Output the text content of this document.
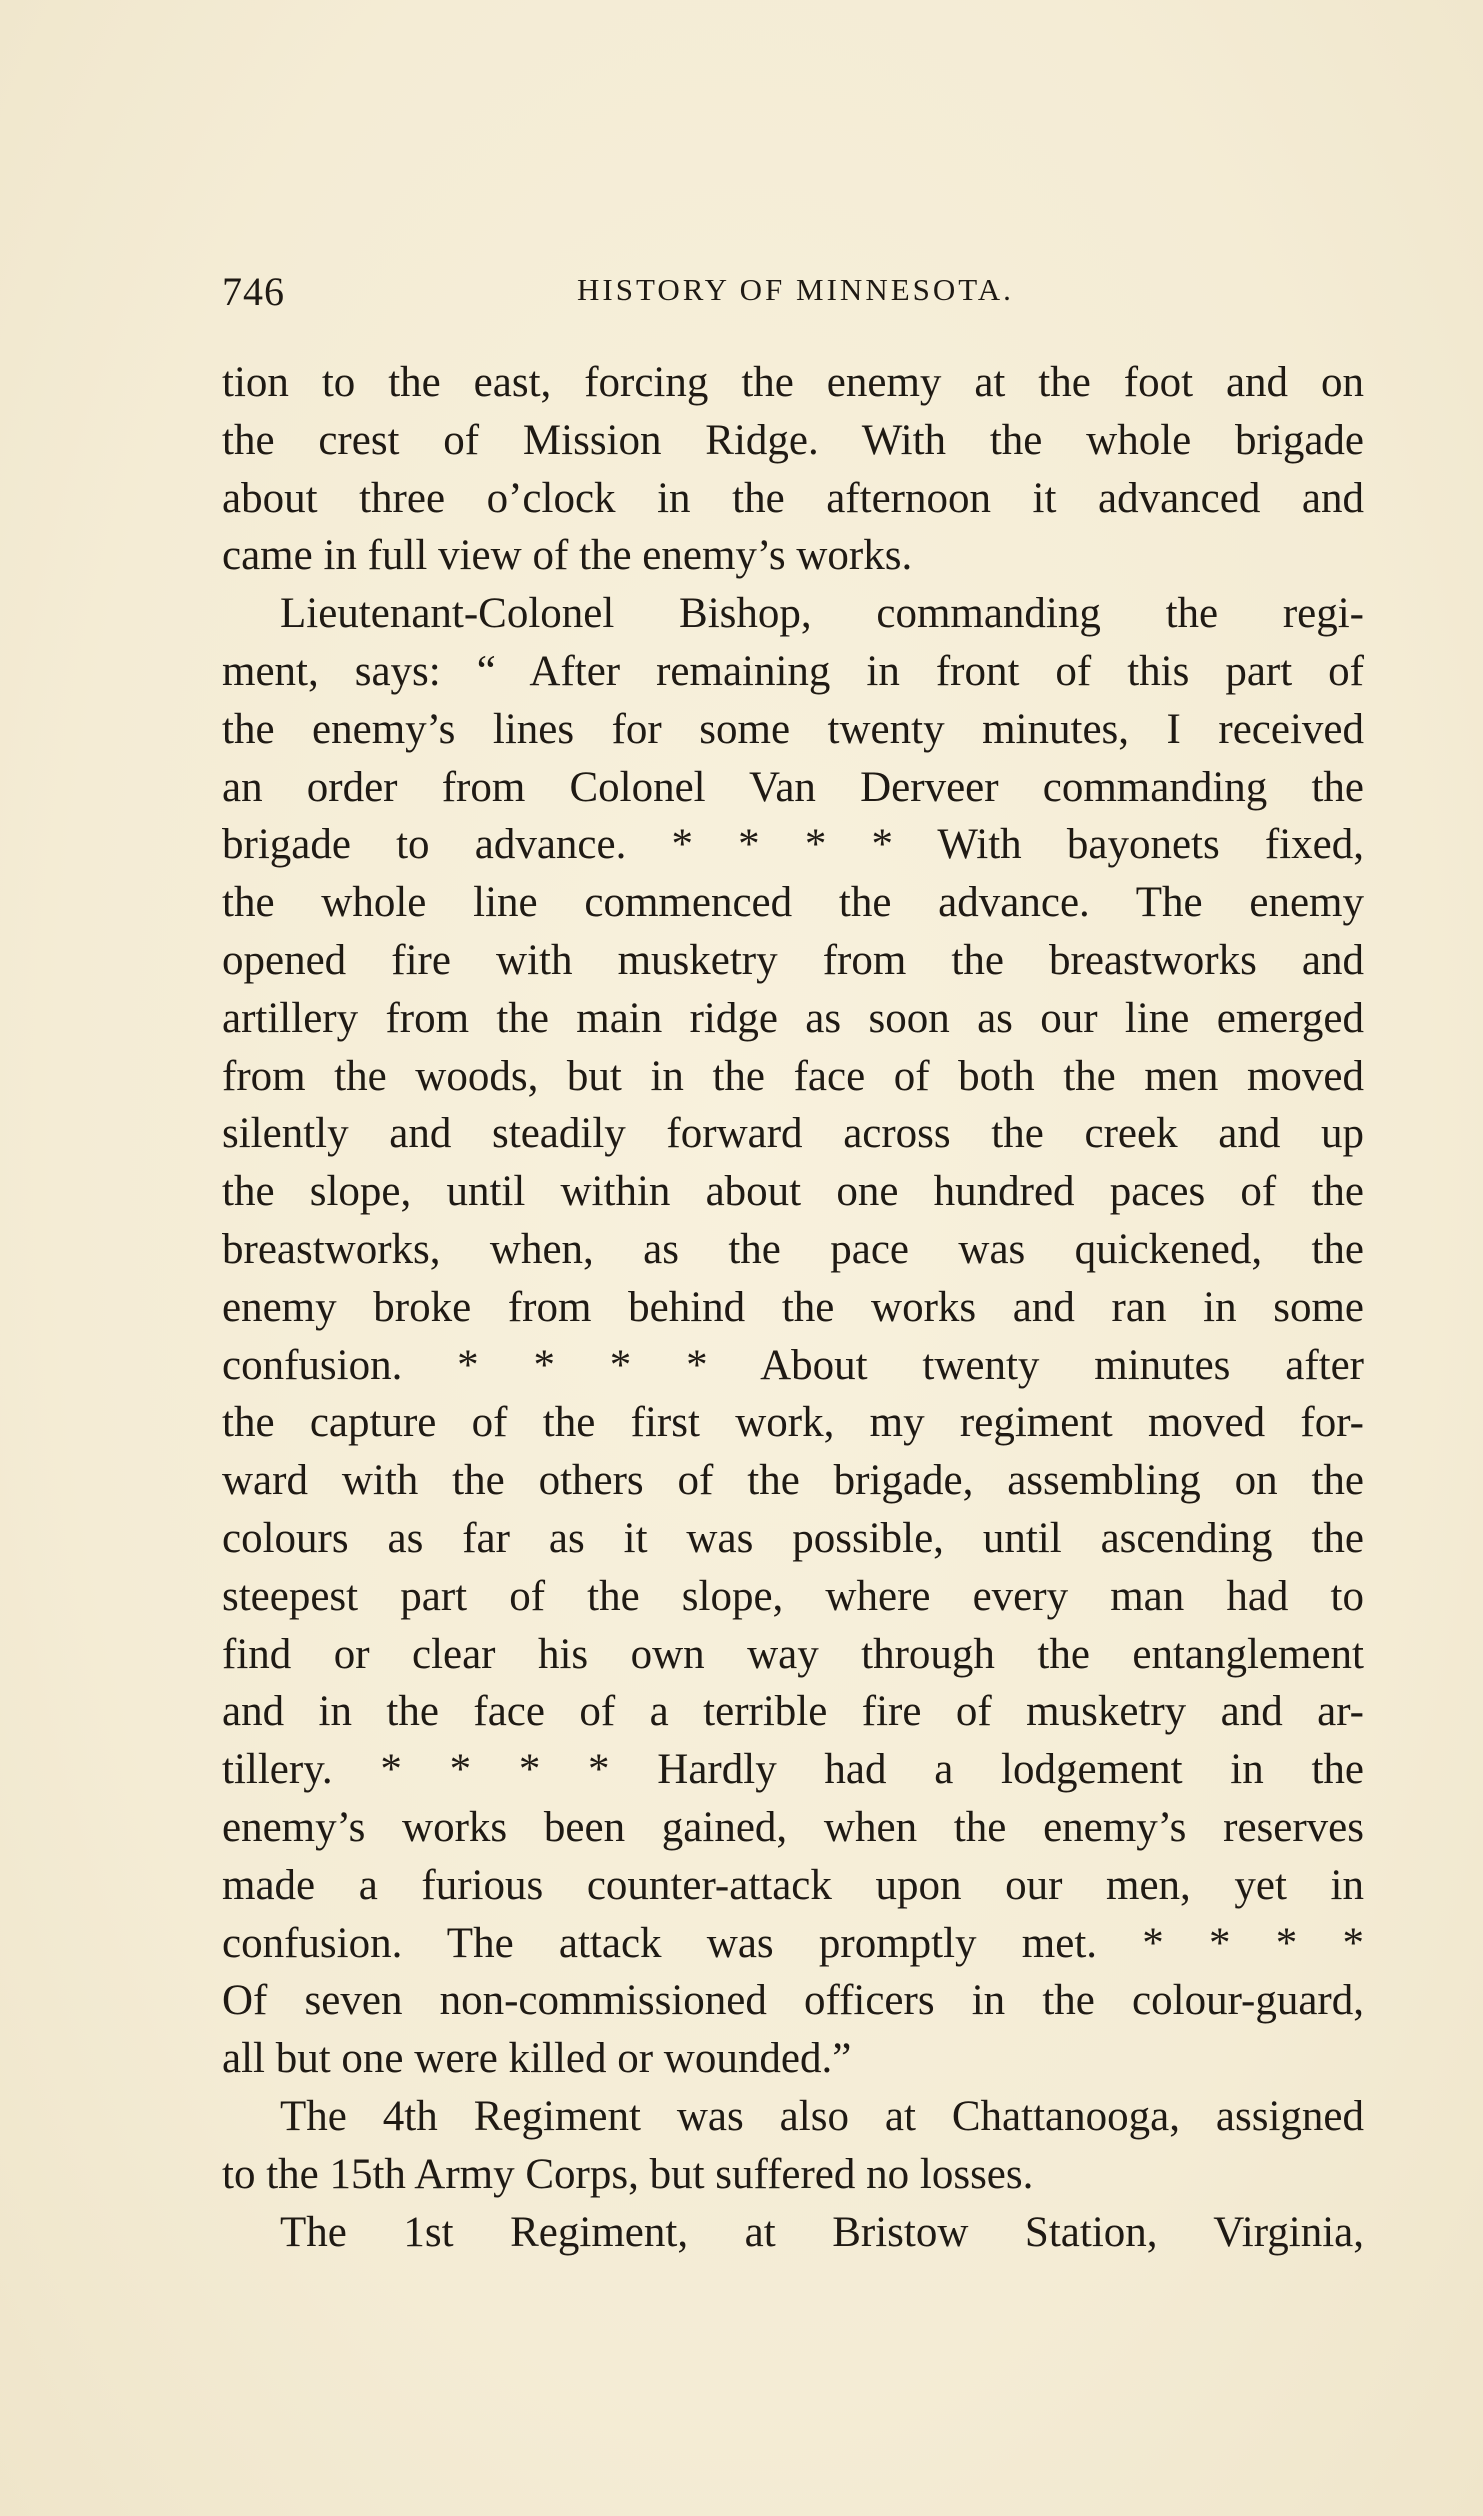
746	HISTORY OF MINNESOTA.
tion to the east, forcing the enemy at the foot and on
the crest of Mission Ridge. With the whole brigade
about three o’clock in the afternoon it advanced and
came in full view of the enemy’s works.
Lieutenant-Colonel Bishop, commanding the regi-
ment, says: “ After remaining in front of this part of
the enemy’s lines for some twenty minutes, I received
an order from Colonel Van Derveer commanding the
brigade to advance. * * * * With bayonets fixed,
the whole line commenced the advance. The enemy
opened fire with musketry from the breastworks and
artillery from the main ridge as soon as our line emerged
from the woods, but in the face of both the men moved
silently and steadily forward across the creek and up
the slope, until within about one hundred paces of the
breastworks, when, as the pace was quickened, the
enemy broke from behind the works and ran in some
confusion. * * * * About twenty minutes after
the capture of the first work, my regiment moved for-
ward with the others of the brigade, assembling on the
colours as far as it was possible, until ascending the
steepest part of the slope, where every man had to
find or clear his own way through the entanglement
and in the face of a terrible fire of musketry and ar-
tillery. * * * * Hardly had a lodgement in the
enemy’s works been gained, when the enemy’s reserves
made a furious counter-attack upon our men, yet in
confusion. The attack was promptly met. * * * *
Of seven non-commissioned officers in the colour-guard,
all but one were killed or wounded.”
The 4th Regiment was also at Chattanooga, assigned
to the 15th Army Corps, but suffered no losses.
The 1st Regiment, at Bristow Station, Virginia,
